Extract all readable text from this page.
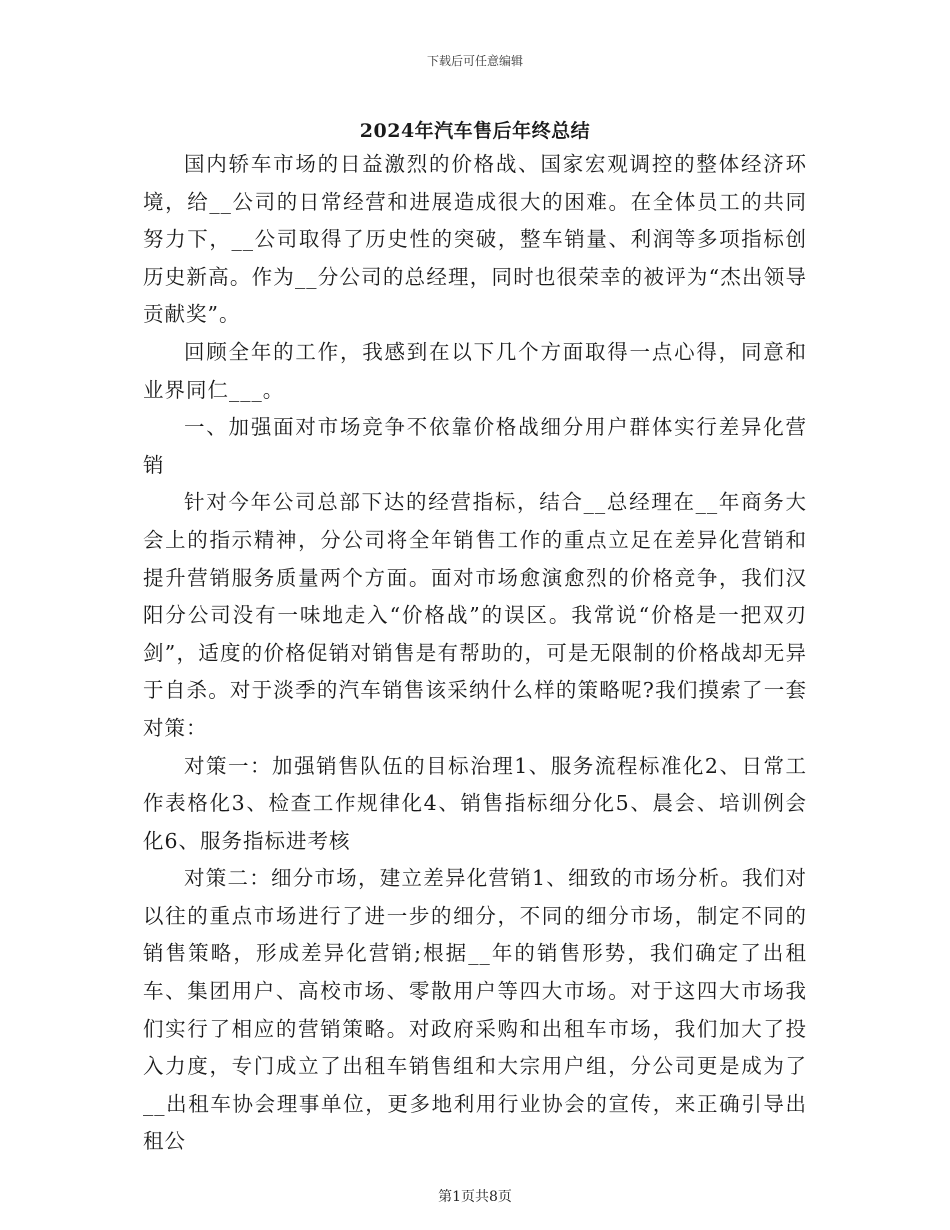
下载后可任意编辑
2024年汽车售后年终总结

国内轿车市场的日益激烈的价格战、国家宏观调控的整体经济环境，给__公司的日常经营和进展造成很大的困难。在全体员工的共同努力下，__公司取得了历史性的突破，整车销量、利润等多项指标创历史新高。作为__分公司的总经理，同时也很荣幸的被评为“杰出领导贡献奖”。

回顾全年的工作，我感到在以下几个方面取得一点心得，同意和业界同仁___。

一、加强面对市场竞争不依靠价格战细分用户群体实行差异化营销

针对今年公司总部下达的经营指标，结合__总经理在__年商务大会上的指示精神，分公司将全年销售工作的重点立足在差异化营销和提升营销服务质量两个方面。面对市场愈演愈烈的价格竞争，我们汉阳分公司没有一味地走入“价格战”的误区。我常说“价格是一把双刃剑”，适度的价格促销对销售是有帮助的，可是无限制的价格战却无异于自杀。对于淡季的汽车销售该采纳什么样的策略呢?我们摸索了一套对策：

对策一：加强销售队伍的目标治理1、服务流程标准化2、日常工作表格化3、检查工作规律化4、销售指标细分化5、晨会、培训例会化6、服务指标进考核

对策二：细分市场，建立差异化营销1、细致的市场分析。我们对以往的重点市场进行了进一步的细分，不同的细分市场，制定不同的销售策略，形成差异化营销;根据__年的销售形势，我们确定了出租车、集团用户、高校市场、零散用户等四大市场。对于这四大市场我们实行了相应的营销策略。对政府采购和出租车市场，我们加大了投入力度，专门成立了出租车销售组和大宗用户组，分公司更是成为了__出租车协会理事单位，更多地利用行业协会的宣传，来正确引导出租公

第1页共8页
